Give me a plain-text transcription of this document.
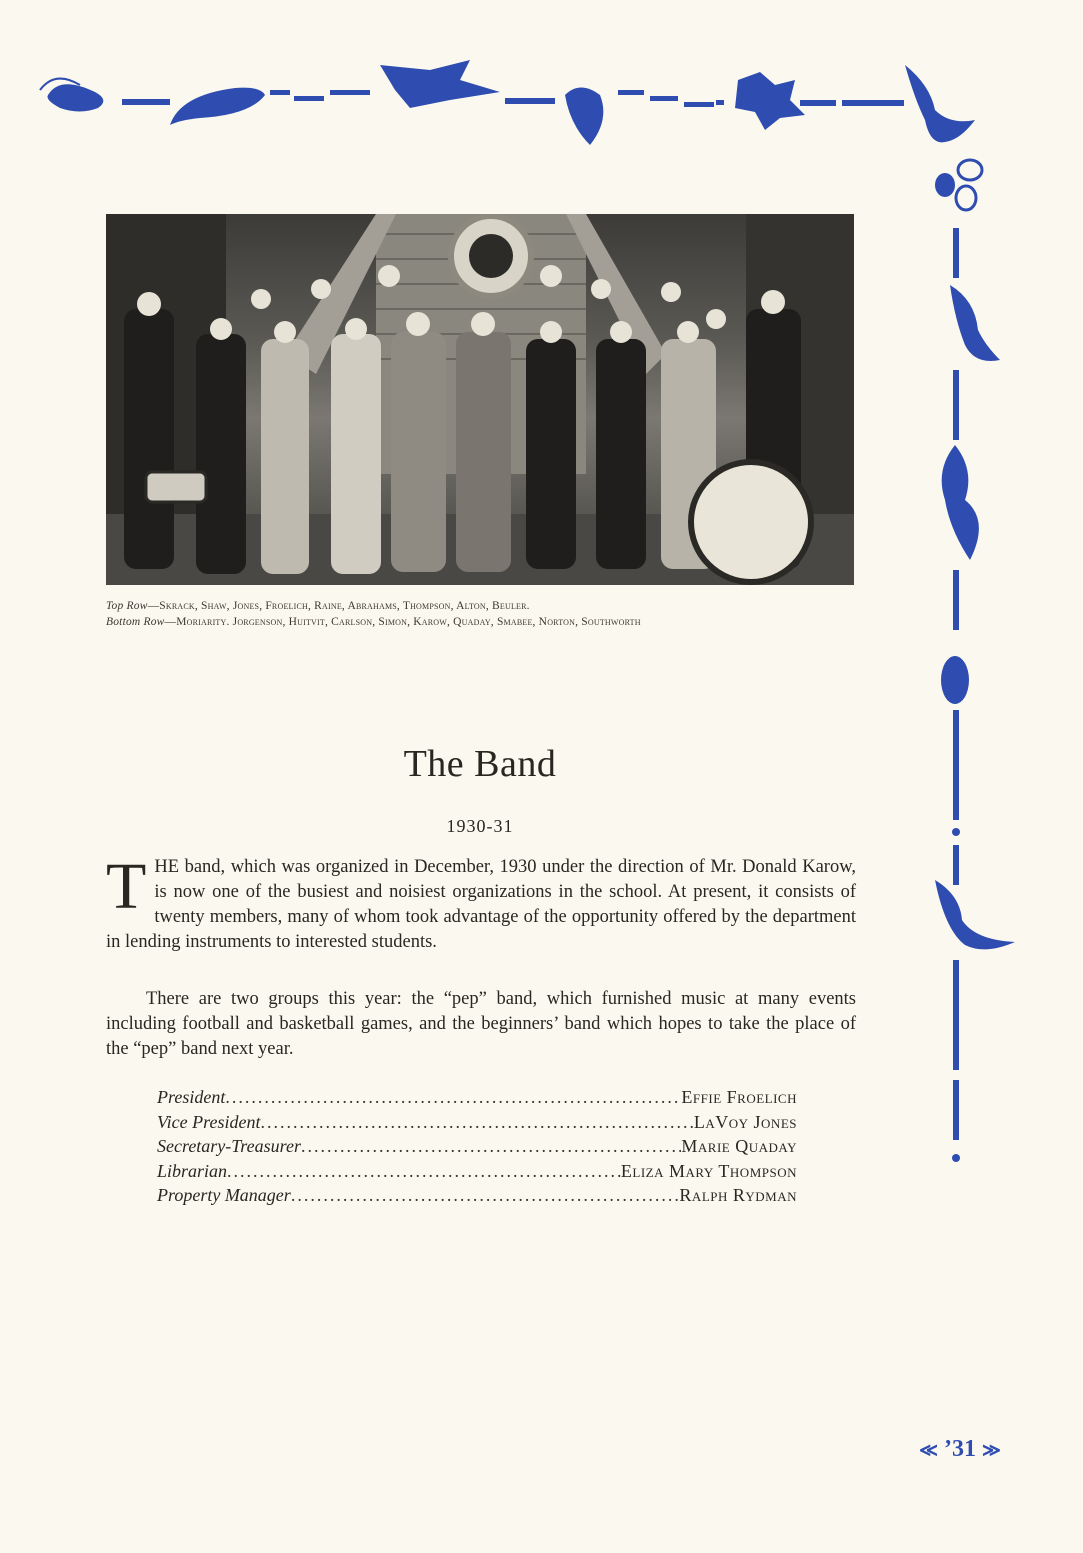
Top Row—Skrack, Shaw, Jones, Froelich, Raine, Abrahams, Thompson, Alton, Beuler.
Bottom Row—Moriarity. Jorgenson, Huitvit, Carlson, Simon, Karow, Quaday, Smabee, Norton, Southworth
The Band
1930-31
THE band, which was organized in December, 1930 under the direction of Mr. Donald Karow, is now one of the busiest and noisiest organizations in the school. At present, it consists of twenty members, many of whom took advantage of the opportunity offered by the department in lending instruments to interested students.
There are two groups this year: the “pep” band, which furnished music at many events including football and basketball games, and the beginners’ band which hopes to take the place of the “pep” band next year.
President .....	Effie Froelich
Vice President .....	LaVoy Jones
Secretary-Treasurer .....	Marie Quaday
Librarian .....	Eliza Mary Thompson
Property Manager .....	Ralph Rydman
≪ ’31 ≫
